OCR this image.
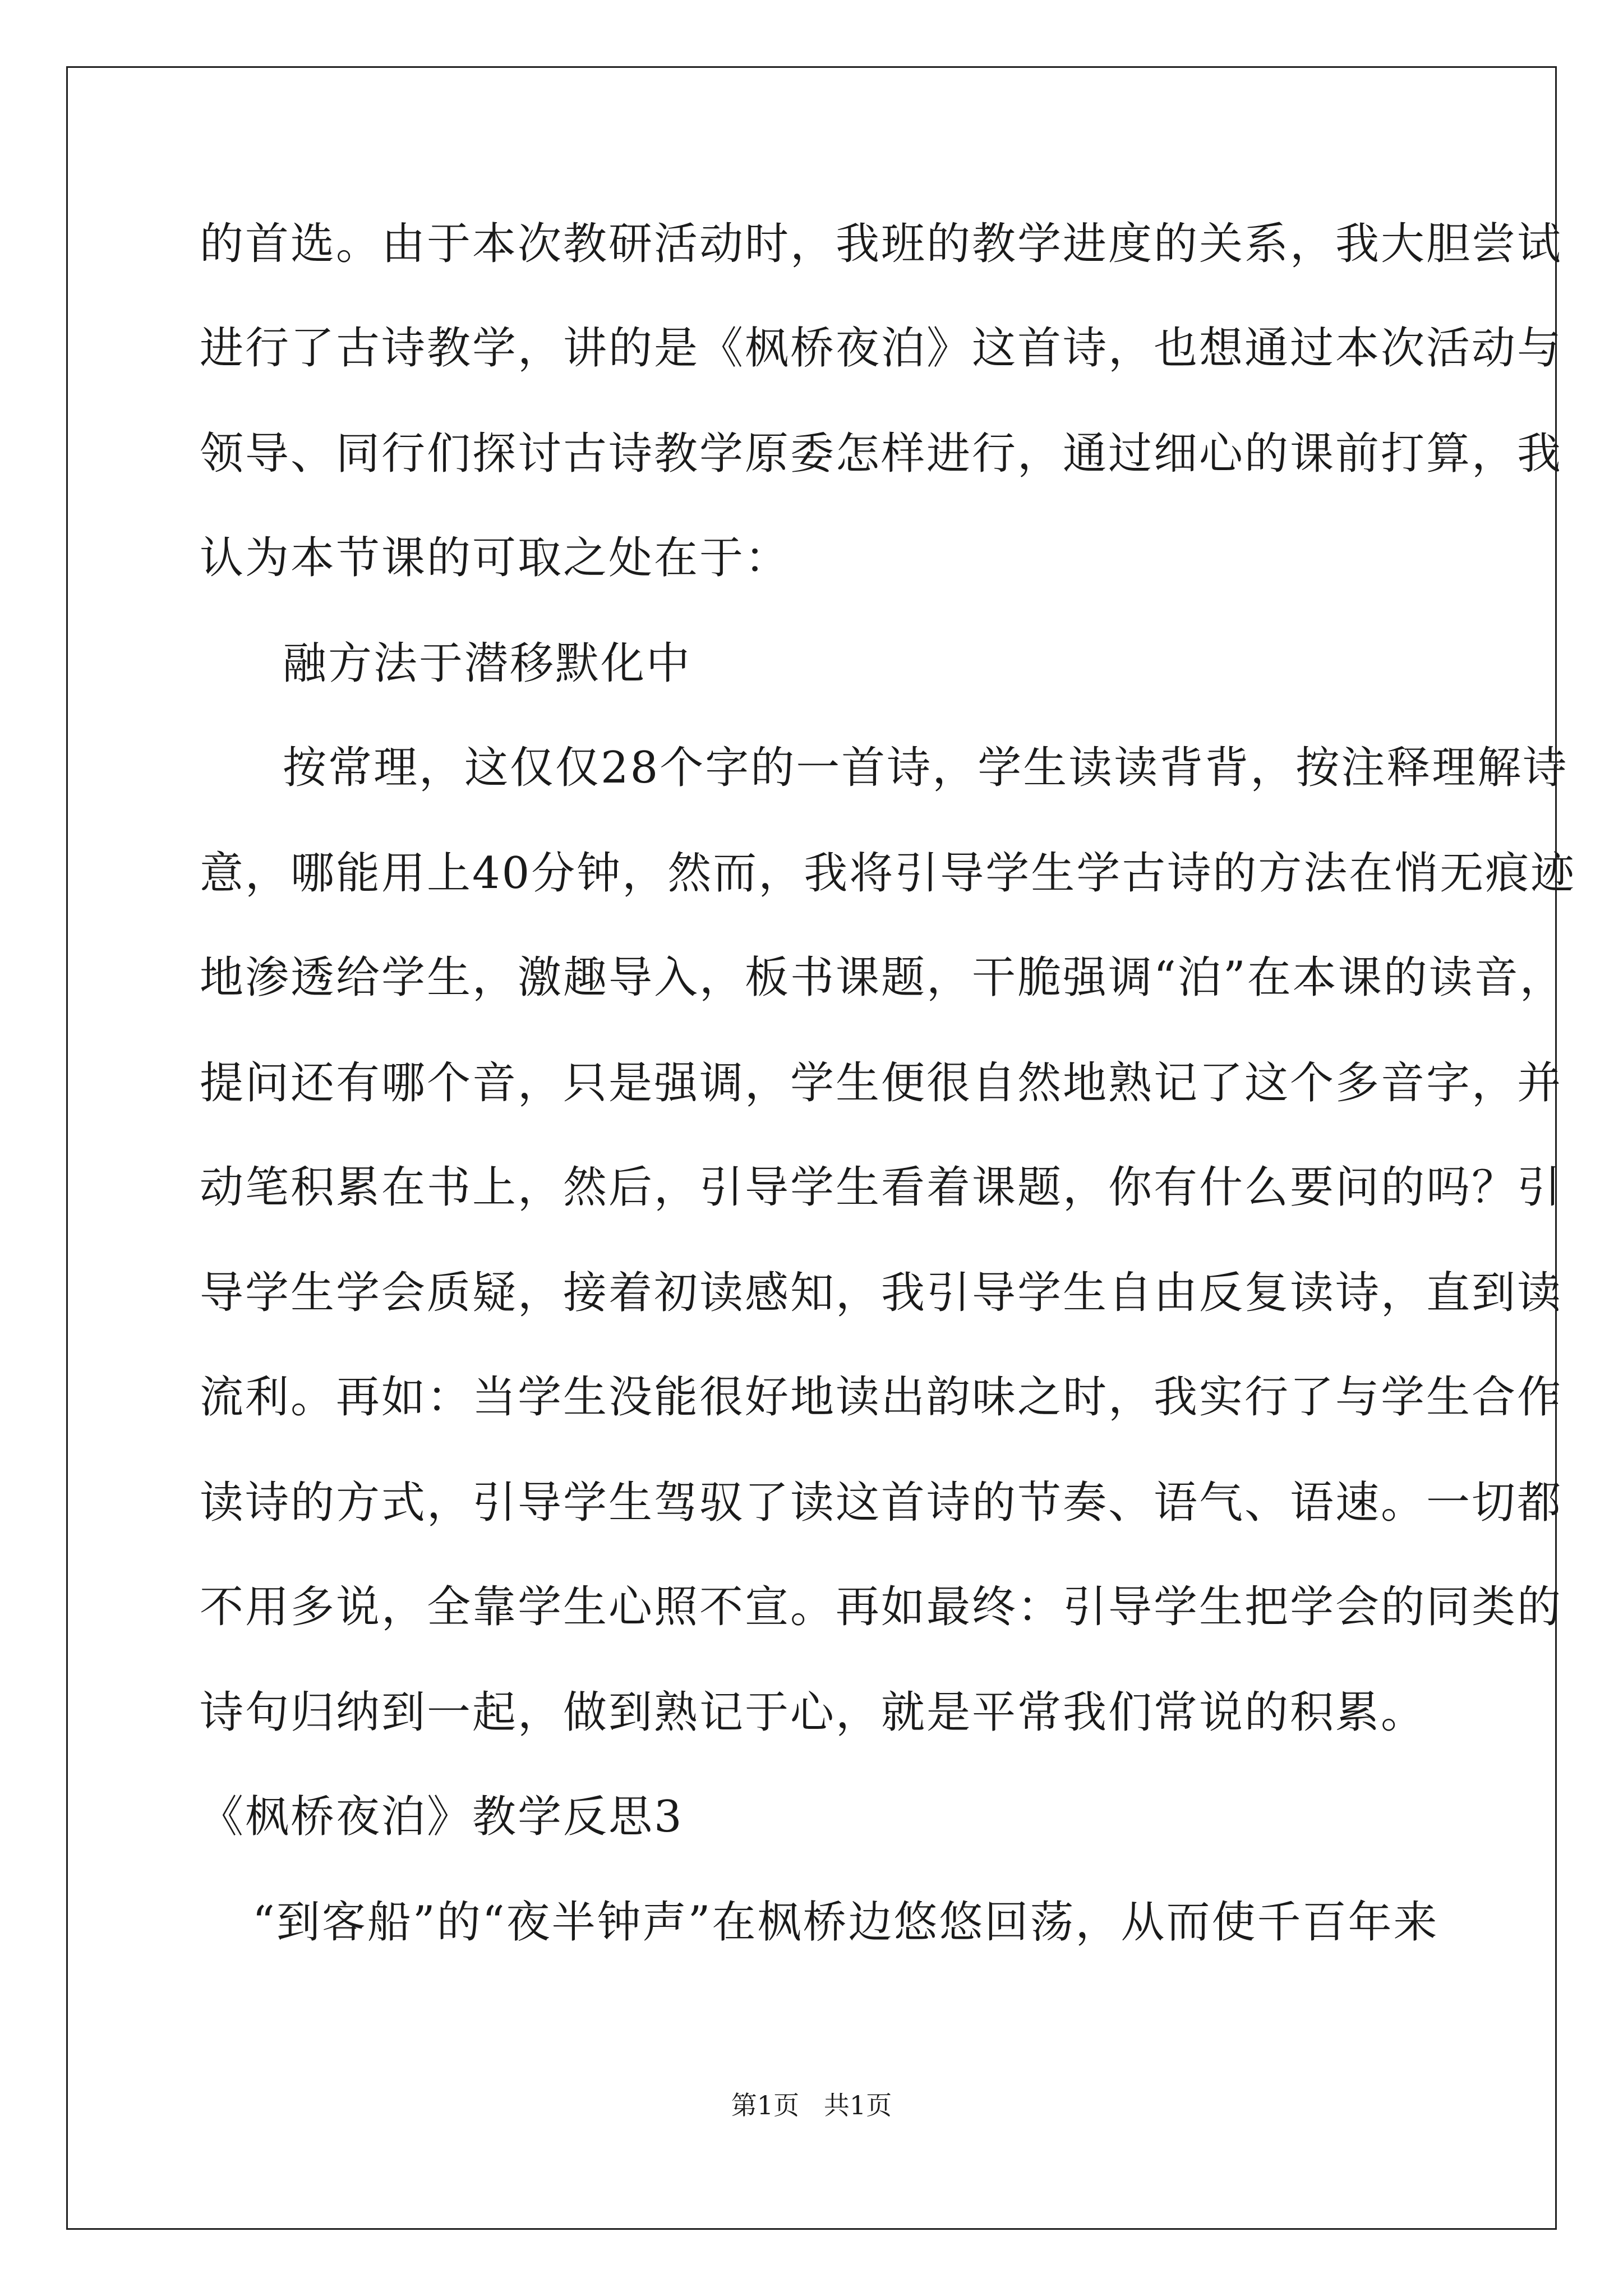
的首选。由于本次教研活动时，我班的教学进度的关系，我大胆尝试
进行了古诗教学，讲的是《枫桥夜泊》这首诗，也想通过本次活动与
领导、同行们探讨古诗教学原委怎样进行，通过细心的课前打算，我
认为本节课的可取之处在于：
融方法于潜移默化中
按常理，这仅仅28个字的一首诗，学生读读背背，按注释理解诗
意，哪能用上40分钟，然而，我将引导学生学古诗的方法在悄无痕迹
地渗透给学生，激趣导入，板书课题，干脆强调“泊”在本课的读音，
提问还有哪个音，只是强调，学生便很自然地熟记了这个多音字，并
动笔积累在书上，然后，引导学生看着课题，你有什么要问的吗？引
导学生学会质疑，接着初读感知，我引导学生自由反复读诗，直到读
流利。再如：当学生没能很好地读出韵味之时，我实行了与学生合作
读诗的方式，引导学生驾驭了读这首诗的节奏、语气、语速。一切都
不用多说，全靠学生心照不宣。再如最终：引导学生把学会的同类的
诗句归纳到一起，做到熟记于心，就是平常我们常说的积累。
《枫桥夜泊》教学反思3
“到客船”的“夜半钟声”在枫桥边悠悠回荡，从而使千百年来
第1页   共1页
